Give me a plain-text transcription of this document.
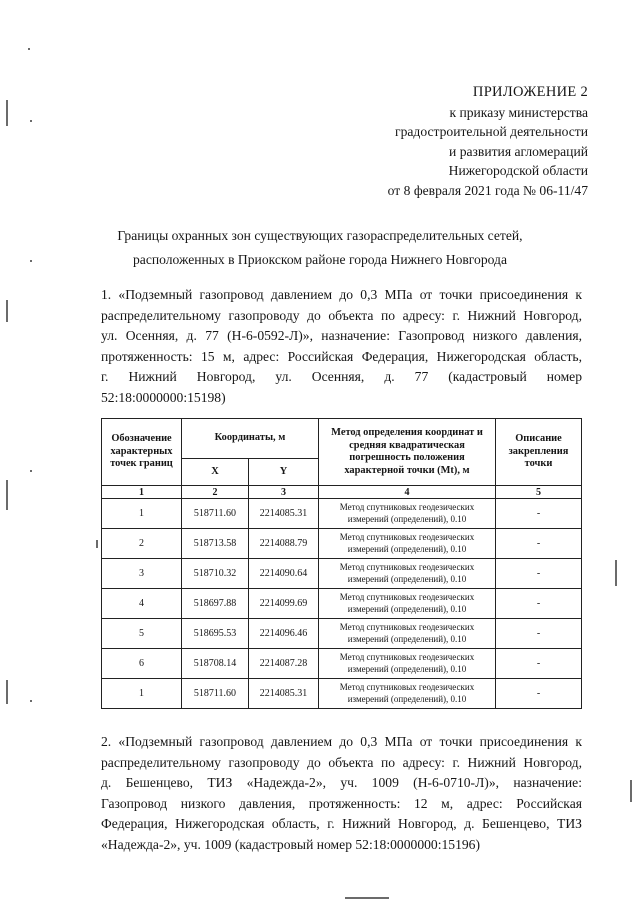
ПРИЛОЖЕНИЕ 2
к приказу министерства
градостроительной деятельности
и развития агломераций
Нижегородской области
от 8 февраля 2021 года № 06-11/47
Границы охранных зон существующих газораспределительных сетей,
расположенных в Приокском районе города Нижнего Новгорода
1. «Подземный газопровод давлением до 0,3 МПа от точки присоединения к
распределительному газопроводу до объекта по адресу: г. Нижний Новгород,
ул. Осенняя, д. 77 (Н-6-0592-Л)», назначение: Газопровод низкого давления,
протяженность: 15 м, адрес: Российская Федерация, Нижегородская область,
г. Нижний Новгород, ул. Осенняя, д. 77 (кадастровый номер
52:18:0000000:15198)
Обозначение характерных точек границ	Координаты, м		Метод определения координат и средняя квадратическая погрешность положения характерной точки (Mt), м	Описание закрепления точки
	X	Y		
1	2	3	4	5
1	518711.60	2214085.31	Метод спутниковых геодезических измерений (определений), 0.10	-
2	518713.58	2214088.79	Метод спутниковых геодезических измерений (определений), 0.10	-
3	518710.32	2214090.64	Метод спутниковых геодезических измерений (определений), 0.10	-
4	518697.88	2214099.69	Метод спутниковых геодезических измерений (определений), 0.10	-
5	518695.53	2214096.46	Метод спутниковых геодезических измерений (определений), 0.10	-
6	518708.14	2214087.28	Метод спутниковых геодезических измерений (определений), 0.10	-
1	518711.60	2214085.31	Метод спутниковых геодезических измерений (определений), 0.10	-
2. «Подземный газопровод давлением до 0,3 МПа от точки присоединения к
распределительному газопроводу до объекта по адресу: г. Нижний Новгород,
д. Бешенцево, ТИЗ «Надежда-2», уч. 1009 (Н-6-0710-Л)», назначение:
Газопровод низкого давления, протяженность: 12 м, адрес: Российская
Федерация, Нижегородская область, г. Нижний Новгород, д. Бешенцево, ТИЗ
«Надежда-2», уч. 1009 (кадастровый номер 52:18:0000000:15196)
